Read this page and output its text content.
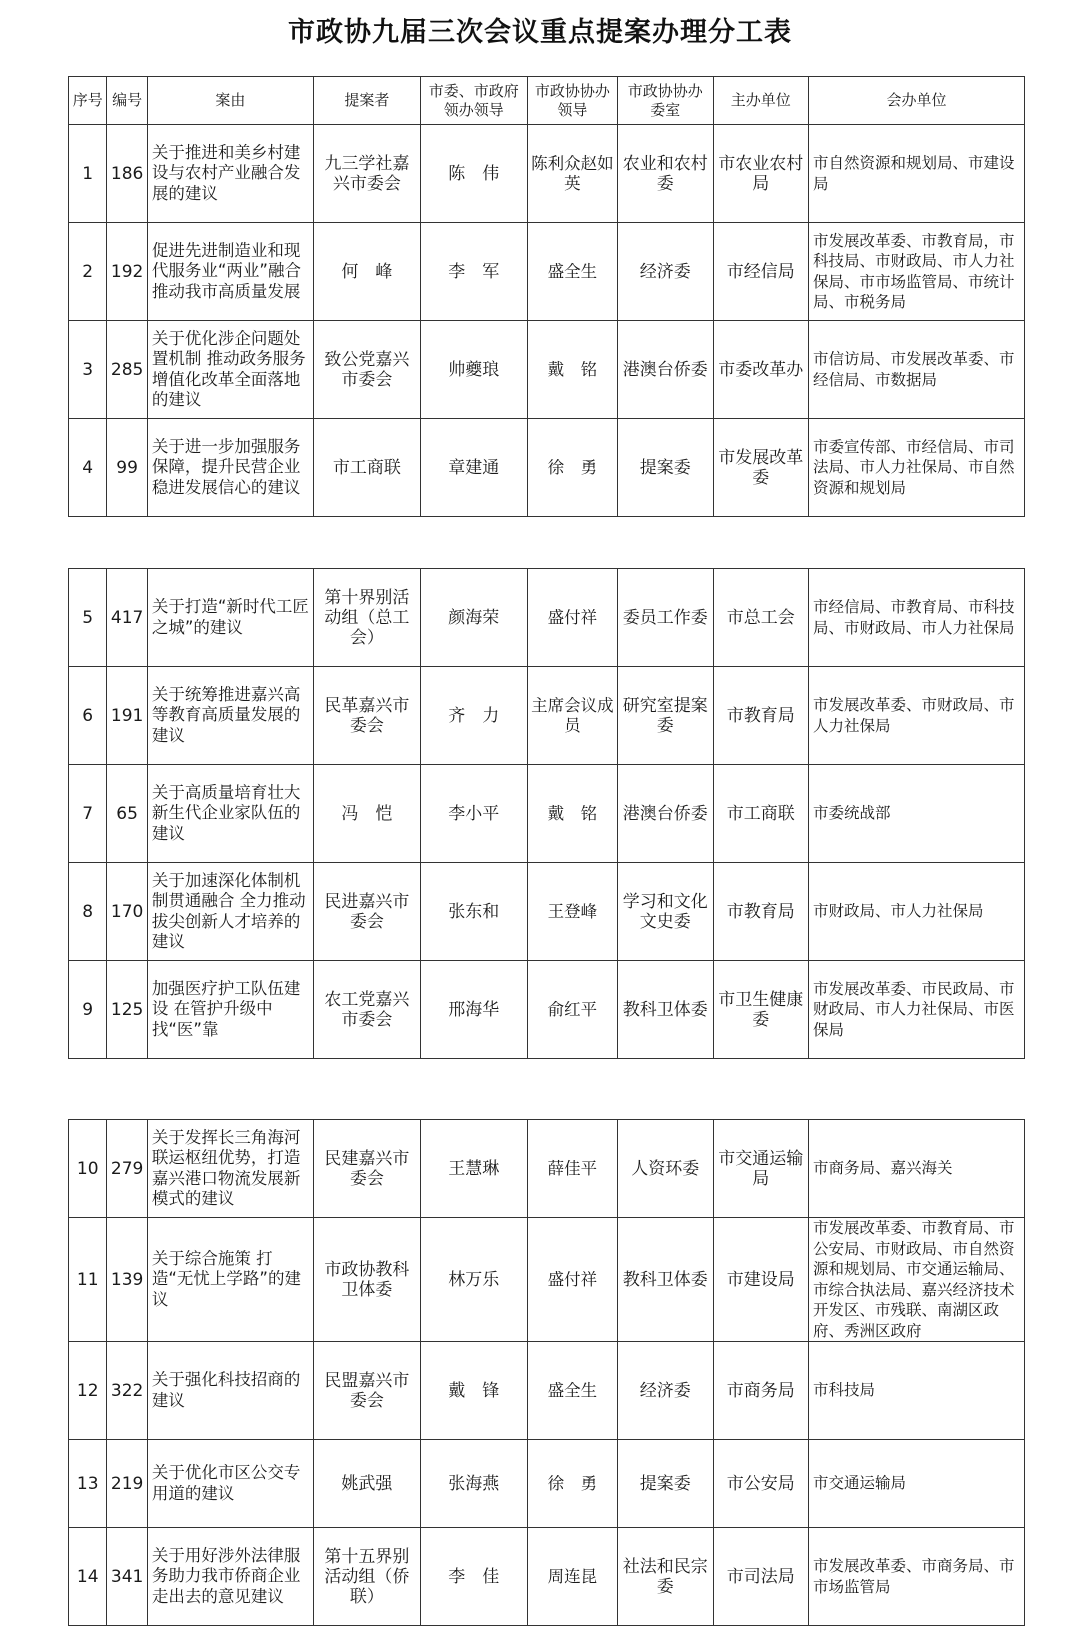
市政协九届三次会议重点提案办理分工表
序号	编号	案由	提案者	市委、市政府领办领导	市政协协办领导	市政协协办委室	主办单位	会办单位
1	186	关于推进和美乡村建设与农村产业融合发展的建议	九三学社嘉兴市委会	陈　伟	陈利众赵如英	农业和农村委	市农业农村局	市自然资源和规划局、市建设局
2	192	促进先进制造业和现代服务业“两业”融合 推动我市高质量发展	何　峰	李　军	盛全生	经济委	市经信局	市发展改革委、市教育局，市科技局、市财政局、市人力社保局、市市场监管局、市统计局、市税务局
3	285	关于优化涉企问题处置机制 推动政务服务增值化改革全面落地的建议	致公党嘉兴市委会	帅夔琅	戴　铭	港澳台侨委	市委改革办	市信访局、市发展改革委、市经信局、市数据局
4	99	关于进一步加强服务保障，提升民营企业稳进发展信心的建议	市工商联	章建通	徐　勇	提案委	市发展改革委	市委宣传部、市经信局、市司法局、市人力社保局、市自然资源和规划局
5	417	关于打造“新时代工匠之城”的建议	第十界别活动组（总工会）	颜海荣	盛付祥	委员工作委	市总工会	市经信局、市教育局、市科技局、市财政局、市人力社保局
6	191	关于统筹推进嘉兴高等教育高质量发展的建议	民革嘉兴市委会	齐　力	主席会议成员	研究室提案委	市教育局	市发展改革委、市财政局、市人力社保局
7	65	关于高质量培育壮大新生代企业家队伍的建议	冯　恺	李小平	戴　铭	港澳台侨委	市工商联	市委统战部
8	170	关于加速深化体制机制贯通融合 全力推动拔尖创新人才培养的建议	民进嘉兴市委会	张东和	王登峰	学习和文化文史委	市教育局	市财政局、市人力社保局
9	125	加强医疗护工队伍建设 在管护升级中找“医”靠	农工党嘉兴市委会	邢海华	俞红平	教科卫体委	市卫生健康委	市发展改革委、市民政局、市财政局、市人力社保局、市医保局
10	279	关于发挥长三角海河联运枢纽优势，打造嘉兴港口物流发展新模式的建议	民建嘉兴市委会	王慧琳	薛佳平	人资环委	市交通运输局	市商务局、嘉兴海关
11	139	关于综合施策 打造“无忧上学路”的建议	市政协教科卫体委	林万乐	盛付祥	教科卫体委	市建设局	市发展改革委、市教育局、市公安局、市财政局、市自然资源和规划局、市交通运输局、市综合执法局、嘉兴经济技术开发区、市残联、南湖区政府、秀洲区政府
12	322	关于强化科技招商的建议	民盟嘉兴市委会	戴　锋	盛全生	经济委	市商务局	市科技局
13	219	关于优化市区公交专用道的建议	姚武强	张海燕	徐　勇	提案委	市公安局	市交通运输局
14	341	关于用好涉外法律服务助力我市侨商企业走出去的意见建议	第十五界别活动组（侨联）	李　佳	周连昆	社法和民宗委	市司法局	市发展改革委、市商务局、市市场监管局
